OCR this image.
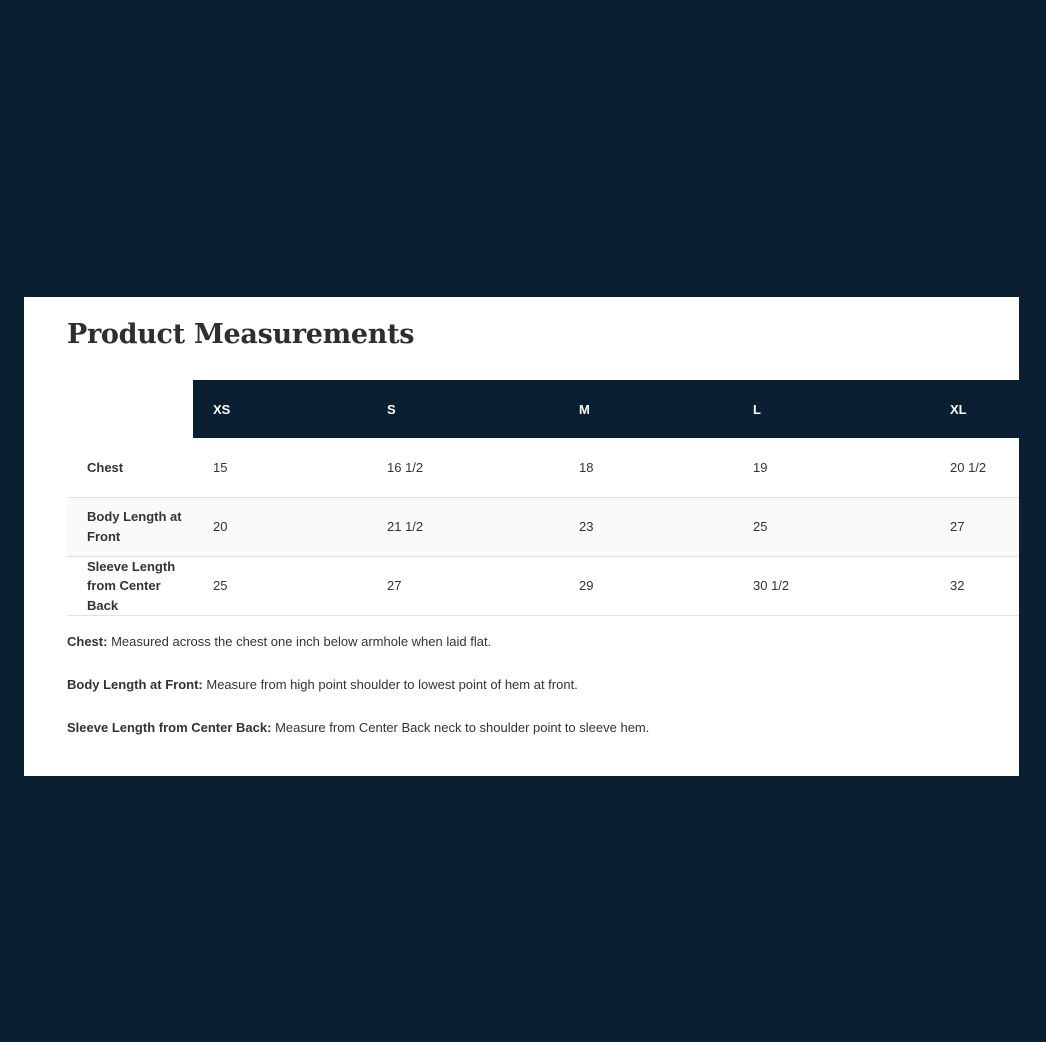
Product Measurements
	XS	S	M	L	XL
Chest	15	16 1/2	18	19	20 1/2
Body Length at Front	20	21 1/2	23	25	27
Sleeve Length from Center Back	25	27	29	30 1/2	32

Chest: Measured across the chest one inch below armhole when laid flat.

Body Length at Front: Measure from high point shoulder to lowest point of hem at front.

Sleeve Length from Center Back: Measure from Center Back neck to shoulder point to sleeve hem.
